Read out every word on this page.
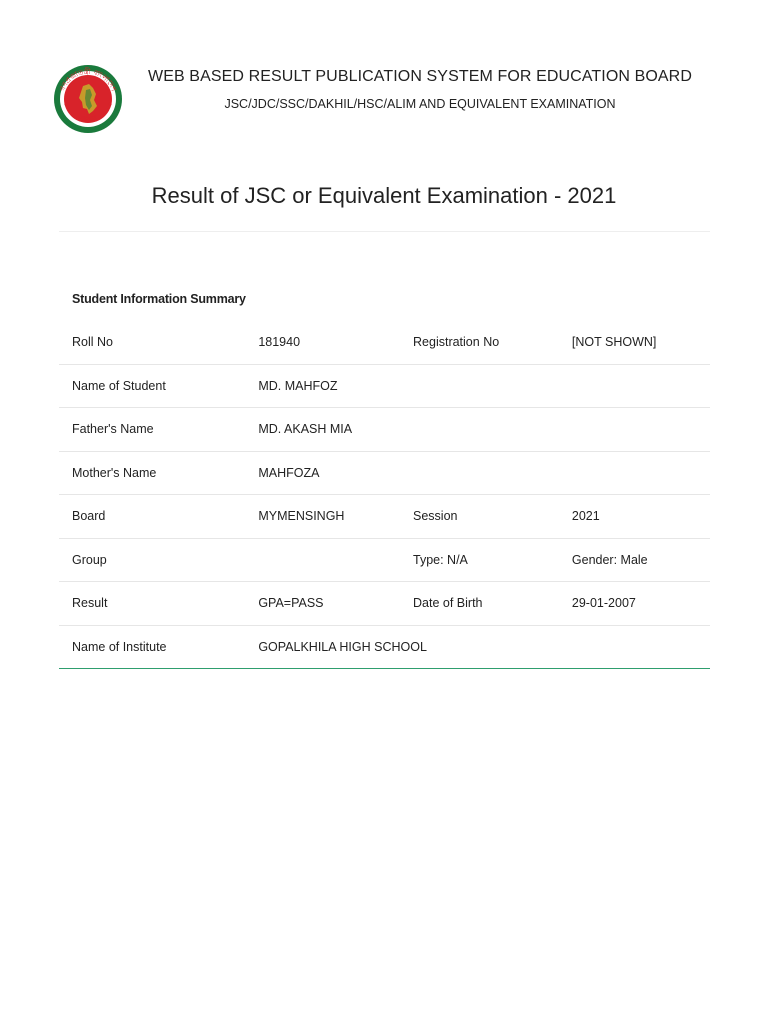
গণপ্রজাতন্ত্রী বাংলাদেশ
সরকার
WEB BASED RESULT PUBLICATION SYSTEM FOR EDUCATION BOARD
JSC/JDC/SSC/DAKHIL/HSC/ALIM AND EQUIVALENT EXAMINATION
Result of JSC or Equivalent Examination - 2021
Student Information Summary
Roll No	181940	Registration No	[NOT SHOWN]
Name of Student	MD. MAHFOZ		
Father's Name	MD. AKASH MIA		
Mother's Name	MAHFOZA		
Board	MYMENSINGH	Session	2021
Group		Type: N/A	Gender: Male
Result	GPA=PASS	Date of Birth	29-01-2007
Name of Institute	GOPALKHILA HIGH SCHOOL		
